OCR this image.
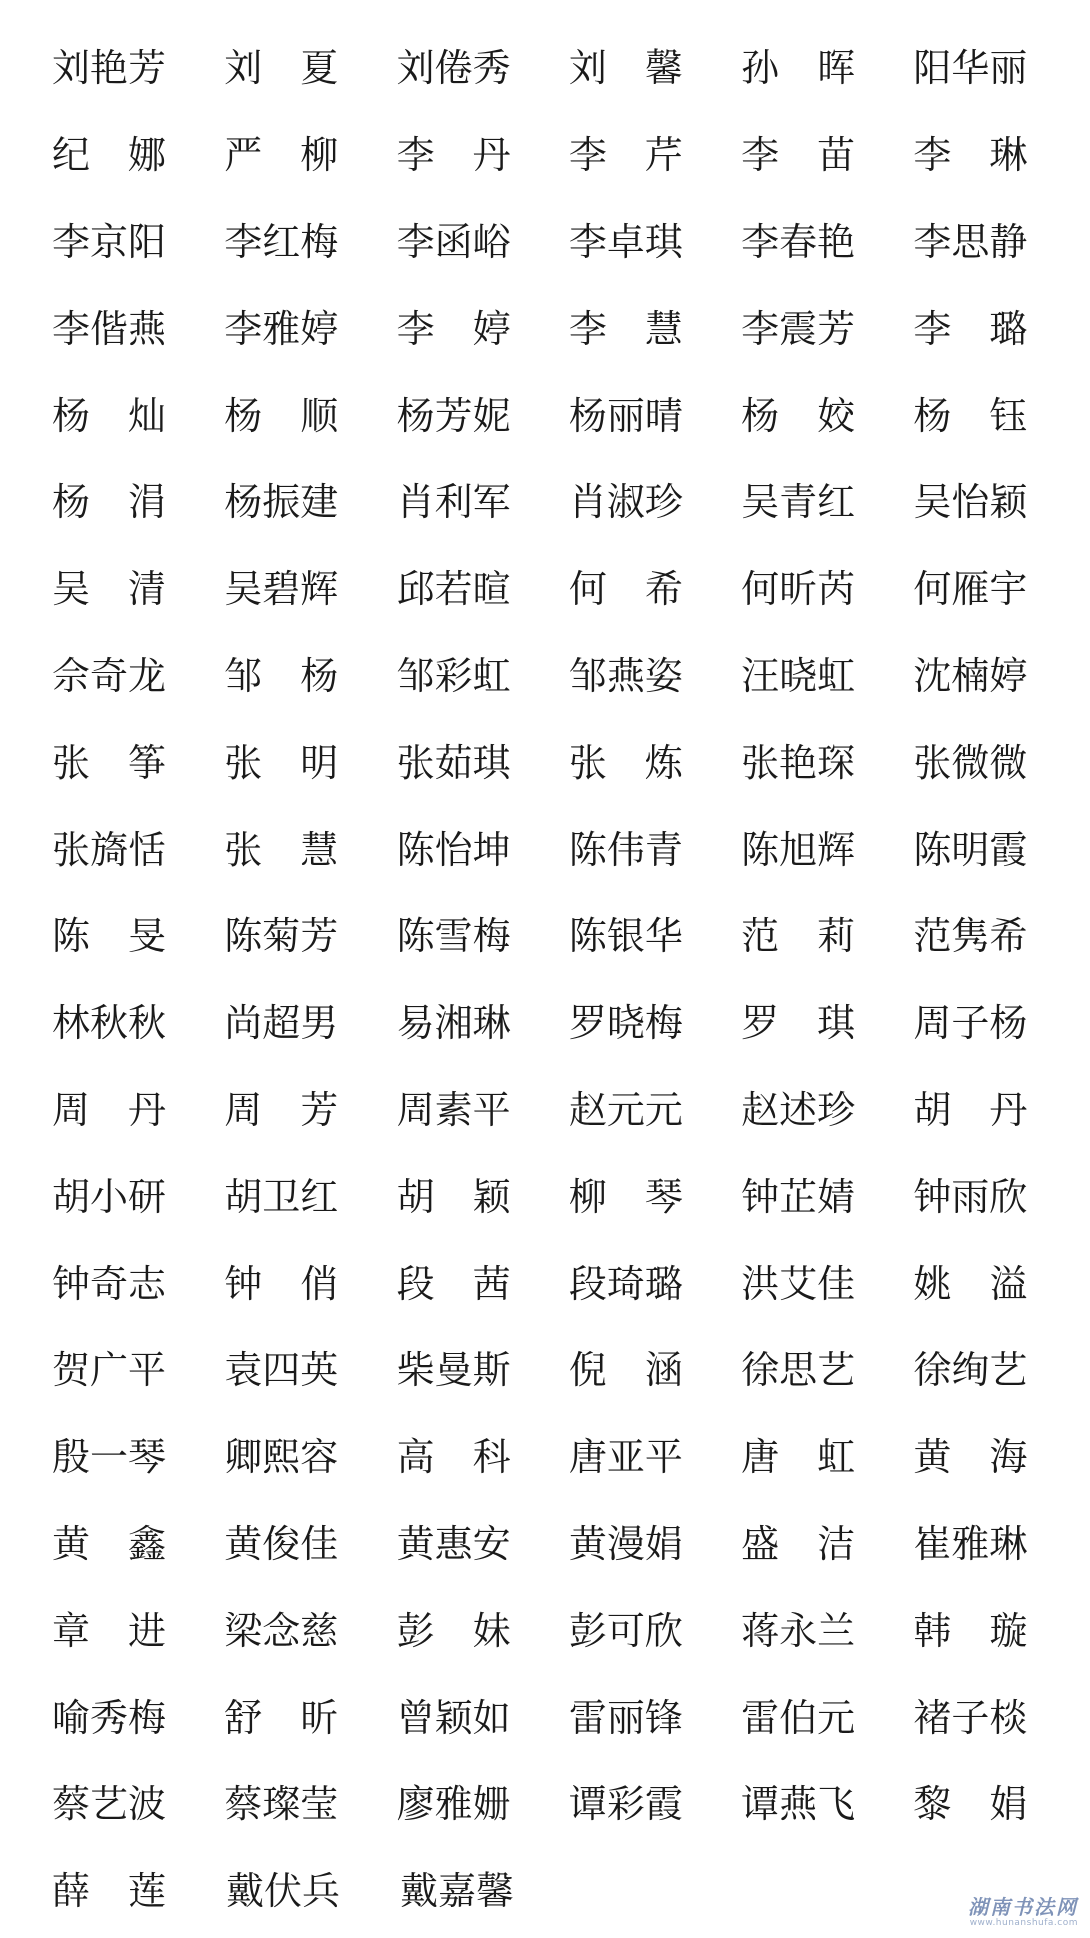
刘艳芳	刘　夏	刘倦秀	刘　馨	孙　晖	阳华丽
纪　娜	严　柳	李　丹	李　芹	李　苗	李　琳
李京阳	李红梅	李函峪	李卓琪	李春艳	李思静
李偕燕	李雅婷	李　婷	李　慧	李震芳	李　璐
杨　灿	杨　顺	杨芳妮	杨丽晴	杨　姣	杨　钰
杨　涓	杨振建	肖利军	肖淑珍	吴青红	吴怡颖
吴　清	吴碧辉	邱若暄	何　希	何昕芮	何雁宇
佘奇龙	邹　杨	邹彩虹	邹燕姿	汪晓虹	沈楠婷
张　筝	张　明	张茹琪	张　炼	张艳琛	张微微
张旖恬	张　慧	陈怡坤	陈伟青	陈旭辉	陈明霞
陈　旻	陈菊芳	陈雪梅	陈银华	范　莉	范隽希
林秋秋	尚超男	易湘琳	罗晓梅	罗　琪	周子杨
周　丹	周　芳	周素平	赵元元	赵述珍	胡　丹
胡小研	胡卫红	胡　颖	柳　琴	钟芷婧	钟雨欣
钟奇志	钟　俏	段　茜	段琦璐	洪艾佳	姚　溢
贺广平	袁四英	柴曼斯	倪　涵	徐思艺	徐绚艺
殷一琴	卿熙容	高　科	唐亚平	唐　虹	黄　海
黄　鑫	黄俊佳	黄惠安	黄漫娟	盛　洁	崔雅琳
章　进	梁念慈	彭　妹	彭可欣	蒋永兰	韩　璇
喻秀梅	舒　昕	曾颖如	雷丽锋	雷伯元	褚子棪
蔡艺波	蔡璨莹	廖雅姗	谭彩霞	谭燕飞	黎　娟
薛　莲	戴伏兵	戴嘉馨	湖南书法网
www.hunanshufa.com
